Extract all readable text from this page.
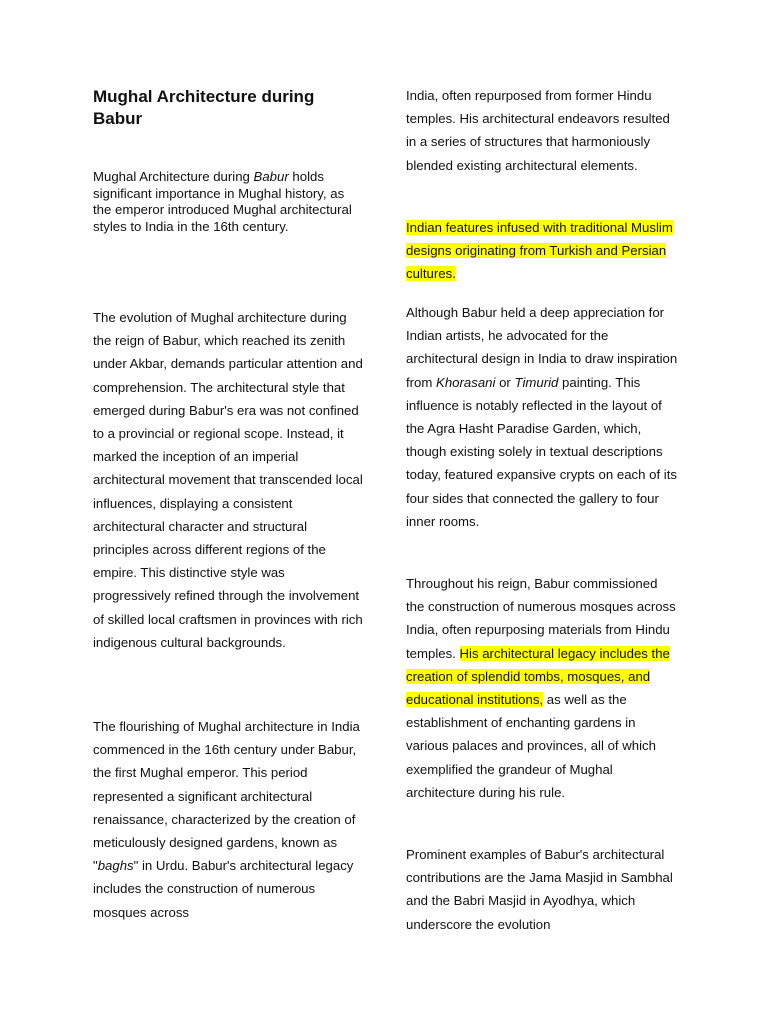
Mughal Architecture during Babur

Mughal Architecture during Babur holds significant importance in Mughal history, as the emperor introduced Mughal architectural styles to India in the 16th century.

The evolution of Mughal architecture during the reign of Babur, which reached its zenith under Akbar, demands particular attention and comprehension. The architectural style that emerged during Babur's era was not confined to a provincial or regional scope. Instead, it marked the inception of an imperial architectural movement that transcended local influences, displaying a consistent architectural character and structural principles across different regions of the empire. This distinctive style was progressively refined through the involvement of skilled local craftsmen in provinces with rich indigenous cultural backgrounds.

The flourishing of Mughal architecture in India commenced in the 16th century under Babur, the first Mughal emperor. This period represented a significant architectural renaissance, characterized by the creation of meticulously designed gardens, known as "baghs" in Urdu. Babur's architectural legacy includes the construction of numerous mosques across

India, often repurposed from former Hindu temples. His architectural endeavors resulted in a series of structures that harmoniously blended existing architectural elements.

Indian features infused with traditional Muslim designs originating from Turkish and Persian cultures.

Although Babur held a deep appreciation for Indian artists, he advocated for the architectural design in India to draw inspiration from Khorasani or Timurid painting. This influence is notably reflected in the layout of the Agra Hasht Paradise Garden, which, though existing solely in textual descriptions today, featured expansive crypts on each of its four sides that connected the gallery to four inner rooms.

Throughout his reign, Babur commissioned the construction of numerous mosques across India, often repurposing materials from Hindu temples. His architectural legacy includes the creation of splendid tombs, mosques, and educational institutions, as well as the establishment of enchanting gardens in various palaces and provinces, all of which exemplified the grandeur of Mughal architecture during his rule.

Prominent examples of Babur's architectural contributions are the Jama Masjid in Sambhal and the Babri Masjid in Ayodhya, which underscore the evolution
